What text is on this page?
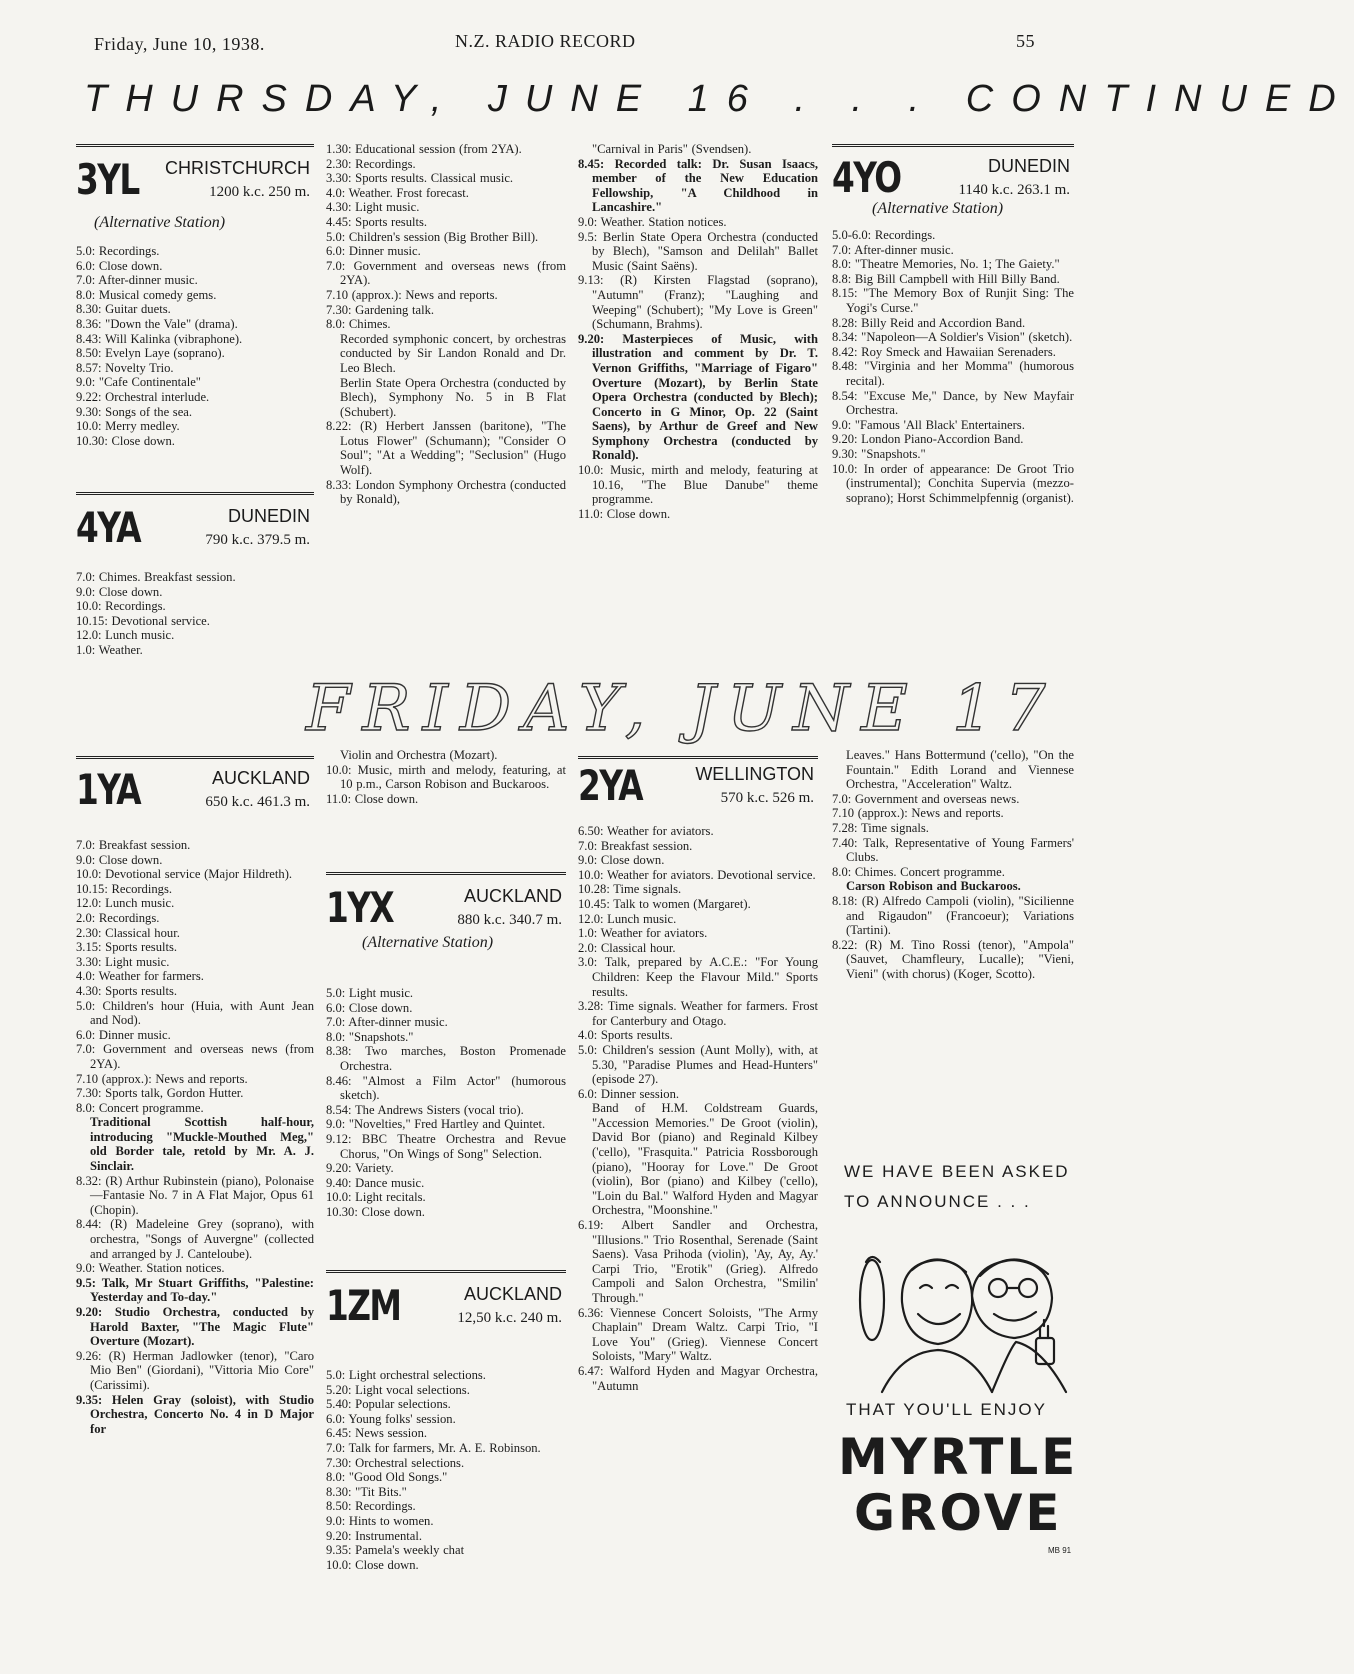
Friday, June 10, 1938.	N.Z. RADIO RECORD	55
THURSDAY, JUNE 16 . . . CONTINUED
3YL CHRISTCHURCH
1200 k.c. 250 m.
(Alternative Station)

5.0: Recordings.

6.0: Close down.

7.0: After-dinner music.

8.0: Musical comedy gems.

8.30: Guitar duets.

8.36: "Down the Vale" (drama).

8.43: Will Kalinka (vibraphone).

8.50: Evelyn Laye (soprano).

8.57: Novelty Trio.

9.0: "Cafe Continentale"

9.22: Orchestral interlude.

9.30: Songs of the sea.

10.0: Merry medley.

10.30: Close down.

4YA	DUNEDIN
790 k.c. 379.5 m.

7.0: Chimes. Breakfast session.

9.0: Close down.

10.0: Recordings.

10.15: Devotional service.

12.0: Lunch music.

1.0: Weather.

1.30: Educational session (from 2YA).

2.30: Recordings.

3.30: Sports results. Classical music.

4.0: Weather. Frost forecast.

4.30: Light music.

4.45: Sports results.

5.0: Children's session (Big Brother Bill).

6.0: Dinner music.

7.0: Government and overseas news (from 2YA).

7.10 (approx.): News and reports.

7.30: Gardening talk.

8.0: Chimes.

Recorded symphonic concert, by orchestras conducted by Sir Landon Ronald and Dr. Leo Blech.

Berlin State Opera Orchestra (conducted by Blech), Symphony No. 5 in B Flat (Schubert).

8.22: (R) Herbert Janssen (baritone), "The Lotus Flower" (Schumann); "Consider O Soul"; "At a Wedding"; "Seclusion" (Hugo Wolf).

8.33: London Symphony Orchestra (conducted by Ronald),

"Carnival in Paris" (Svendsen).

8.45: Recorded talk: Dr. Susan Isaacs, member of the New Education Fellowship, "A Childhood in Lancashire."

9.0: Weather. Station notices.

9.5: Berlin State Opera Orchestra (conducted by Blech), "Samson and Delilah" Ballet Music (Saint Saëns).

9.13: (R) Kirsten Flagstad (soprano), "Autumn" (Franz); "Laughing and Weeping" (Schubert); "My Love is Green" (Schumann, Brahms).

9.20: Masterpieces of Music, with illustration and comment by Dr. T. Vernon Griffiths, "Marriage of Figaro" Overture (Mozart), by Berlin State Opera Orchestra (conducted by Blech); Concerto in G Minor, Op. 22 (Saint Saens), by Arthur de Greef and New Symphony Orchestra (conducted by Ronald).

10.0: Music, mirth and melody, featuring at 10.16, "The Blue Danube" theme programme.

11.0: Close down.

4YO	DUNEDIN
1140 k.c. 263.1 m.
(Alternative Station)

5.0-6.0: Recordings.

7.0: After-dinner music.

8.0: "Theatre Memories, No. 1; The Gaiety."

8.8: Big Bill Campbell with Hill Billy Band.

8.15: "The Memory Box of Runjit Sing: The Yogi's Curse."

8.28: Billy Reid and Accordion Band.

8.34: "Napoleon—A Soldier's Vision" (sketch).

8.42: Roy Smeck and Hawaiian Serenaders.

8.48: "Virginia and her Momma" (humorous recital).

8.54: "Excuse Me," Dance, by New Mayfair Orchestra.

9.0: "Famous 'All Black' Entertainers.

9.20: London Piano-Accordion Band.

9.30: "Snapshots."

10.0: In order of appearance: De Groot Trio (instrumental); Conchita Supervia (mezzo-soprano); Horst Schimmelpfennig (organist).

FRIDAY, JUNE 17
1YA	AUCKLAND
650 k.c. 461.3 m.

7.0: Breakfast session.

9.0: Close down.

10.0: Devotional service (Major Hildreth).

10.15: Recordings.

12.0: Lunch music.

2.0: Recordings.

2.30: Classical hour.

3.15: Sports results.

3.30: Light music.

4.0: Weather for farmers.

4.30: Sports results.

5.0: Children's hour (Huia, with Aunt Jean and Nod).

6.0: Dinner music.

7.0: Government and overseas news (from 2YA).

7.10 (approx.): News and reports.

7.30: Sports talk, Gordon Hutter.

8.0: Concert programme.

Traditional Scottish half-hour, introducing "Muckle-Mouthed Meg," old Border tale, retold by Mr. A. J. Sinclair.

8.32: (R) Arthur Rubinstein (piano), Polonaise—Fantasie No. 7 in A Flat Major, Opus 61 (Chopin).

8.44: (R) Madeleine Grey (soprano), with orchestra, "Songs of Auvergne" (collected and arranged by J. Canteloube).

9.0: Weather. Station notices.

9.5: Talk, Mr Stuart Griffiths, "Palestine: Yesterday and To-day."

9.20: Studio Orchestra, conducted by Harold Baxter, "The Magic Flute" Overture (Mozart).

9.26: (R) Herman Jadlowker (tenor), "Caro Mio Ben" (Giordani), "Vittoria Mio Core" (Carissimi).

9.35: Helen Gray (soloist), with Studio Orchestra, Concerto No. 4 in D Major for

Violin and Orchestra (Mozart).

10.0: Music, mirth and melody, featuring, at 10 p.m., Carson Robison and Buckaroos.

11.0: Close down.

1YX	AUCKLAND
880 k.c. 340.7 m.
(Alternative Station)

5.0: Light music.

6.0: Close down.

7.0: After-dinner music.

8.0: "Snapshots."

8.38: Two marches, Boston Promenade Orchestra.

8.46: "Almost a Film Actor" (humorous sketch).

8.54: The Andrews Sisters (vocal trio).

9.0: "Novelties," Fred Hartley and Quintet.

9.12: BBC Theatre Orchestra and Revue Chorus, "On Wings of Song" Selection.

9.20: Variety.

9.40: Dance music.

10.0: Light recitals.

10.30: Close down.

1ZM	AUCKLAND
12,50 k.c. 240 m.

5.0: Light orchestral selections.

5.20: Light vocal selections.

5.40: Popular selections.

6.0: Young folks' session.

6.45: News session.

7.0: Talk for farmers, Mr. A. E. Robinson.

7.30: Orchestral selections.

8.0: "Good Old Songs."

8.30: "Tit Bits."

8.50: Recordings.

9.0: Hints to women.

9.20: Instrumental.

9.35: Pamela's weekly chat

10.0: Close down.

2YA	WELLINGTON
570 k.c. 526 m.

6.50: Weather for aviators.

7.0: Breakfast session.

9.0: Close down.

10.0: Weather for aviators. Devotional service.

10.28: Time signals.

10.45: Talk to women (Margaret).

12.0: Lunch music.

1.0: Weather for aviators.

2.0: Classical hour.

3.0: Talk, prepared by A.C.E.: "For Young Children: Keep the Flavour Mild." Sports results.

3.28: Time signals. Weather for farmers. Frost for Canterbury and Otago.

4.0: Sports results.

5.0: Children's session (Aunt Molly), with, at 5.30, "Paradise Plumes and Head-Hunters" (episode 27).

6.0: Dinner session.

Band of H.M. Coldstream Guards, "Accession Memories." De Groot (violin), David Bor (piano) and Reginald Kilbey ('cello), "Frasquita." Patricia Rossborough (piano), "Hooray for Love." De Groot (violin), Bor (piano) and Kilbey ('cello), "Loin du Bal." Walford Hyden and Magyar Orchestra, "Moonshine."

6.19: Albert Sandler and Orchestra, "Illusions." Trio Rosenthal, Serenade (Saint Saens). Vasa Prihoda (violin), 'Ay, Ay, Ay.' Carpi Trio, "Erotik" (Grieg). Alfredo Campoli and Salon Orchestra, "Smilin' Through."

6.36: Viennese Concert Soloists, "The Army Chaplain" Dream Waltz. Carpi Trio, "I Love You" (Grieg). Viennese Concert Soloists, "Mary" Waltz.

6.47: Walford Hyden and Magyar Orchestra, "Autumn

Leaves." Hans Bottermund ('cello), "On the Fountain." Edith Lorand and Viennese Orchestra, "Acceleration" Waltz.

7.0: Government and overseas news.

7.10 (approx.): News and reports.

7.28: Time signals.

7.40: Talk, Representative of Young Farmers' Clubs.

8.0: Chimes. Concert programme.

Carson Robison and Buckaroos.

8.18: (R) Alfredo Campoli (violin), "Sicilienne and Rigaudon" (Francoeur); Variations (Tartini).

8.22: (R) M. Tino Rossi (tenor), "Ampola" (Sauvet, Chamfleury, Lucalle); "Vieni, Vieni" (with chorus) (Koger, Scotto).

WE HAVE BEEN ASKED
TO ANNOUNCE . . .
THAT YOU'LL ENJOY
MYRTLE
GROVE
MB 91
